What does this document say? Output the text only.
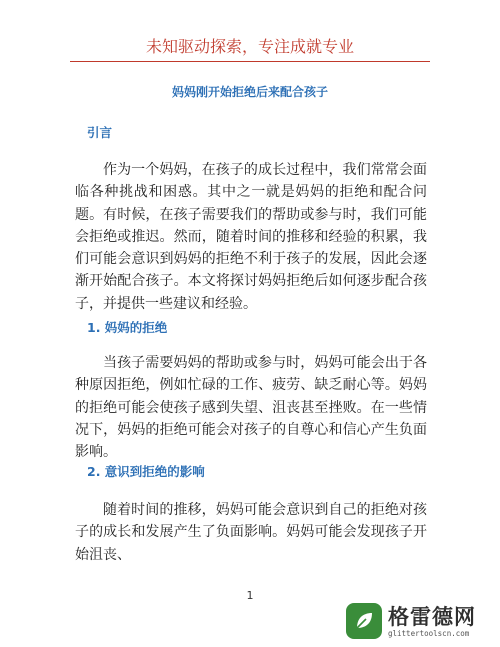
未知驱动探索，专注成就专业
妈妈刚开始拒绝后来配合孩子
引言

作为一个妈妈，在孩子的成长过程中，我们常常会面临各种挑战和困惑。其中之一就是妈妈的拒绝和配合问题。有时候，在孩子需要我们的帮助或参与时，我们可能会拒绝或推迟。然而，随着时间的推移和经验的积累，我们可能会意识到妈妈的拒绝不利于孩子的发展，因此会逐渐开始配合孩子。本文将探讨妈妈拒绝后如何逐步配合孩子，并提供一些建议和经验。

1. 妈妈的拒绝

当孩子需要妈妈的帮助或参与时，妈妈可能会出于各种原因拒绝，例如忙碌的工作、疲劳、缺乏耐心等。妈妈的拒绝可能会使孩子感到失望、沮丧甚至挫败。在一些情况下，妈妈的拒绝可能会对孩子的自尊心和信心产生负面影响。

2. 意识到拒绝的影响

随着时间的推移，妈妈可能会意识到自己的拒绝对孩子的成长和发展产生了负面影响。妈妈可能会发现孩子开始沮丧、

1
格雷德网
glittertoolscn.com
